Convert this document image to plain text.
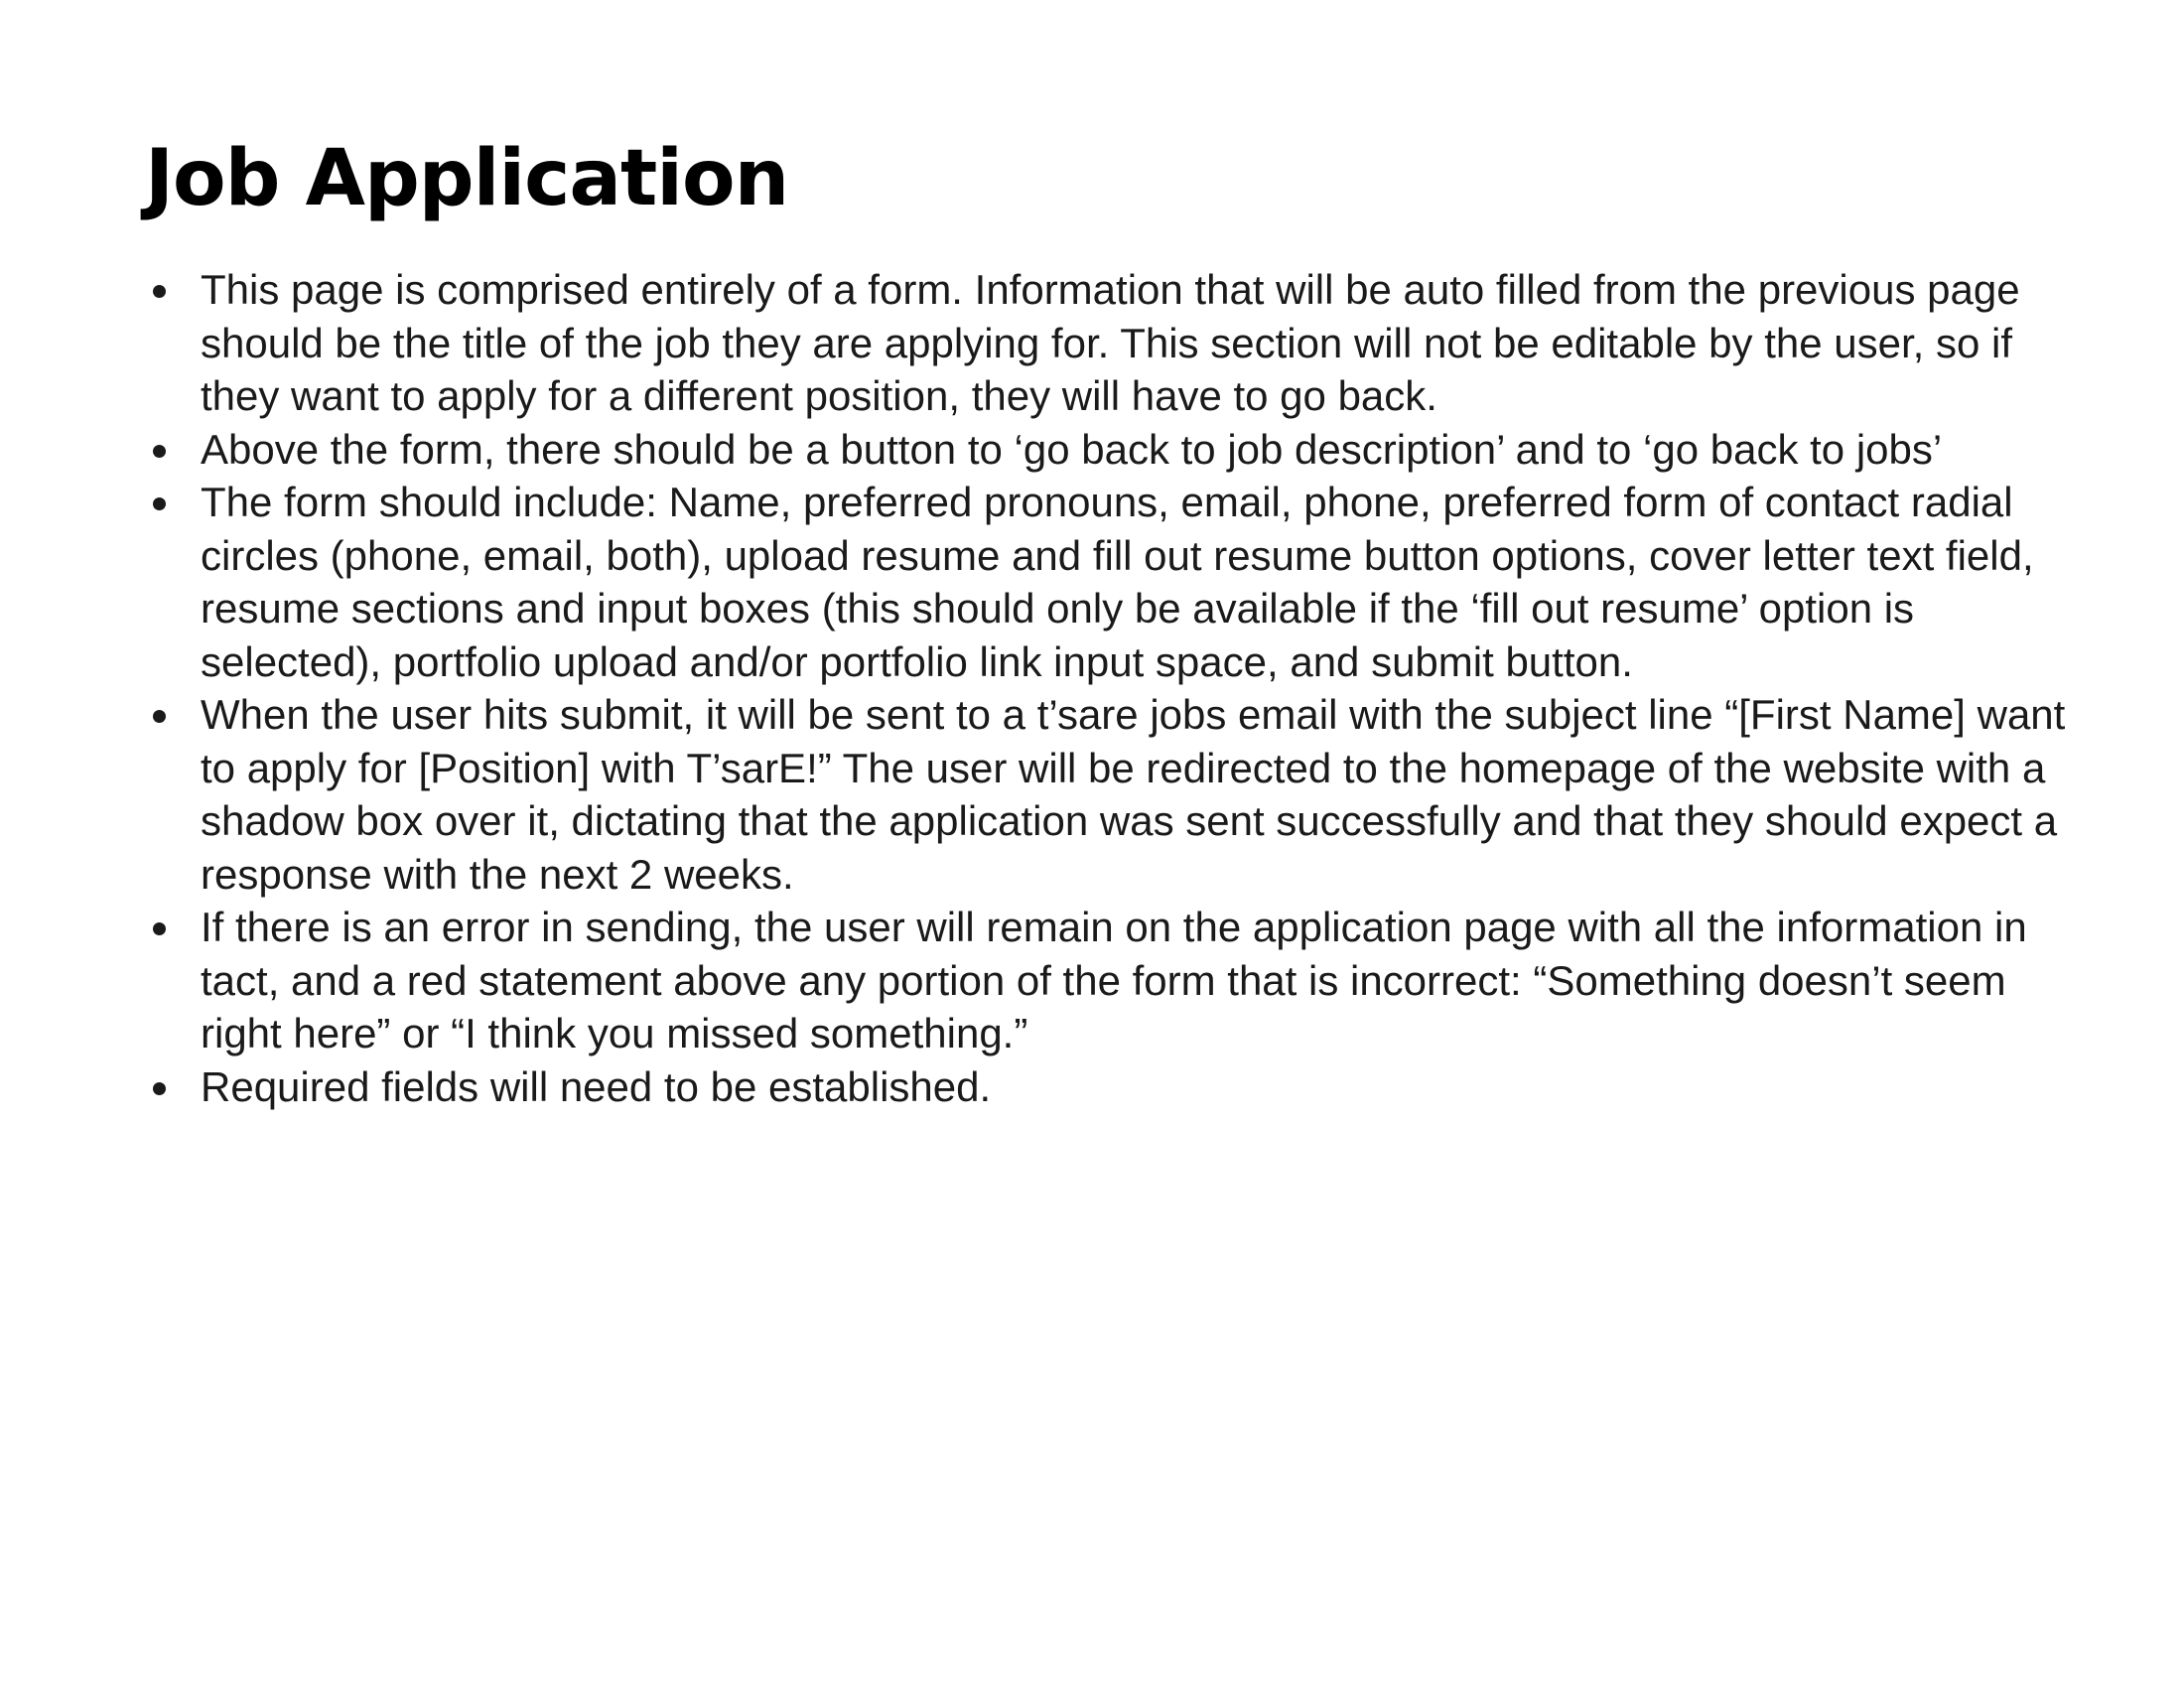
Job Application
This page is comprised entirely of a form. Information that will be auto filled from the previous page should be the title of the job they are applying for. This section will not be editable by the user, so if they want to apply for a different position, they will have to go back.
Above the form, there should be a button to ‘go back to job description’ and to ‘go back to jobs’
The form should include: Name, preferred pronouns, email, phone, preferred form of contact radial circles (phone, email, both), upload resume and fill out resume button options, cover letter text field, resume sections and input boxes (this should only be available if the ‘fill out resume’ option is selected), portfolio upload and/or portfolio link input space, and submit button.
When the user hits submit, it will be sent to a t’sare jobs email with the subject line “[First Name] want to apply for [Position] with T’sarE!” The user will be redirected to the homepage of the website with a shadow box over it, dictating that the application was sent successfully and that they should expect a response with the next 2 weeks.
If there is an error in sending, the user will remain on the application page with all the information in tact, and a red statement above any portion of the form that is incorrect: “Something doesn’t seem right here” or “I think you missed something.”
Required fields will need to be established.
